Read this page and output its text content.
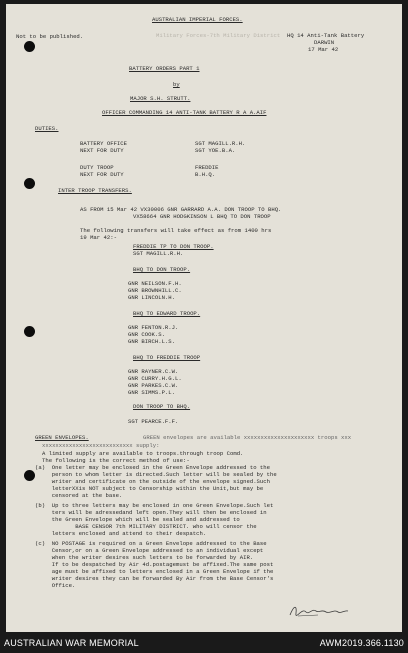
AUSTRALIAN IMPERIAL FORCES.
Not to be published.	Military Forces-7th Military District HQ 14 Anti-Tank Battery
DARWIN
17 Mar 42
BATTERY ORDERS PART 1
by
MAJOR S.H. STRUTT.
OFFICER COMMANDING 14 ANTI-TANK BATTERY R A A.AIF
DUTIES.
BATTERY OFFICE	SGT MAGILL.R.H.
NEXT FOR DUTY	SGT YOE.B.A.
DUTY TROOP	FREDDIE
NEXT FOR DUTY	B.H.Q.
INTER TROOP TRANSFERS.
AS FROM 15 Mar 42 VX30006 GNR GARRARD A.A. DON TROOP TO BHQ.
VX58664 GNR HODGKINSON L BHQ TO DON TROOP
The following transfers will take effect as from 1400 hrs
19 Mar 42:-
FREDDIE TP TO DON TROOP.
SGT MAGILL.R.H.
BHQ TO DON TROOP.
GNR NEILSON.F.H.
GNR BROWNHILL.C.
GNR LINCOLN.H.
BHQ TO EDWARD TROOP.
GNR FENTON.R.J.
GNR COOK.S.
GNR BIRCH.L.S.
BHQ TO FREDDIE TROOP
GNR RAYNER.C.W.
GNR CURRY.H.G.L.
GNR PARKES.C.W.
GNR SIMMS.P.L.
DON TROOP TO BHQ.
SGT PEARCE.F.F.
GREEN ENVELOPES.	GREEN envelopes are available xxxxxxxxxxxxxxxxxxxxx troops xxx
xxxxxxxxxxxxxxxxxxxxxxxxxxx supply:
A limited supply are available to troops.through troop Comd.
The following is the correct method of use:-
(a)  One letter may be enclosed in the Green Envelope addressed to the
person to whom letter is directed.Such letter will be sealed by the
writer and certificate on the outside of the envelope signed.Such
letterXXis NOT subject to Censorship within the Unit,but may be
censored at the base.
(b)  Up to three letters may be enclosed in one Green Envelope.Such let
ters will be adressedand left open.They will then be enclosed in
the Green Envelope which will be sealed and addressed to
BASE CENSOR 7th MILITARY DISTRICT. who will censor the
letters enclosed and attend to their despatch.
(c)  NO POSTAGE is required on a Green Envelope addressed to the Base
Censor,or on a Green Envelope addressed to an individual except
when the writer desires such letters to be forwarded by AIR.
If to be despatched by Air 4d.postagemust be affixed.The same post
age must be affixed to letters enclosed in a Green Envelope if the
writer desires they can be forwarded By Air from the Base Censor's
Office.
AUSTRALIAN WAR MEMORIAL	AWM2019.366.1130
